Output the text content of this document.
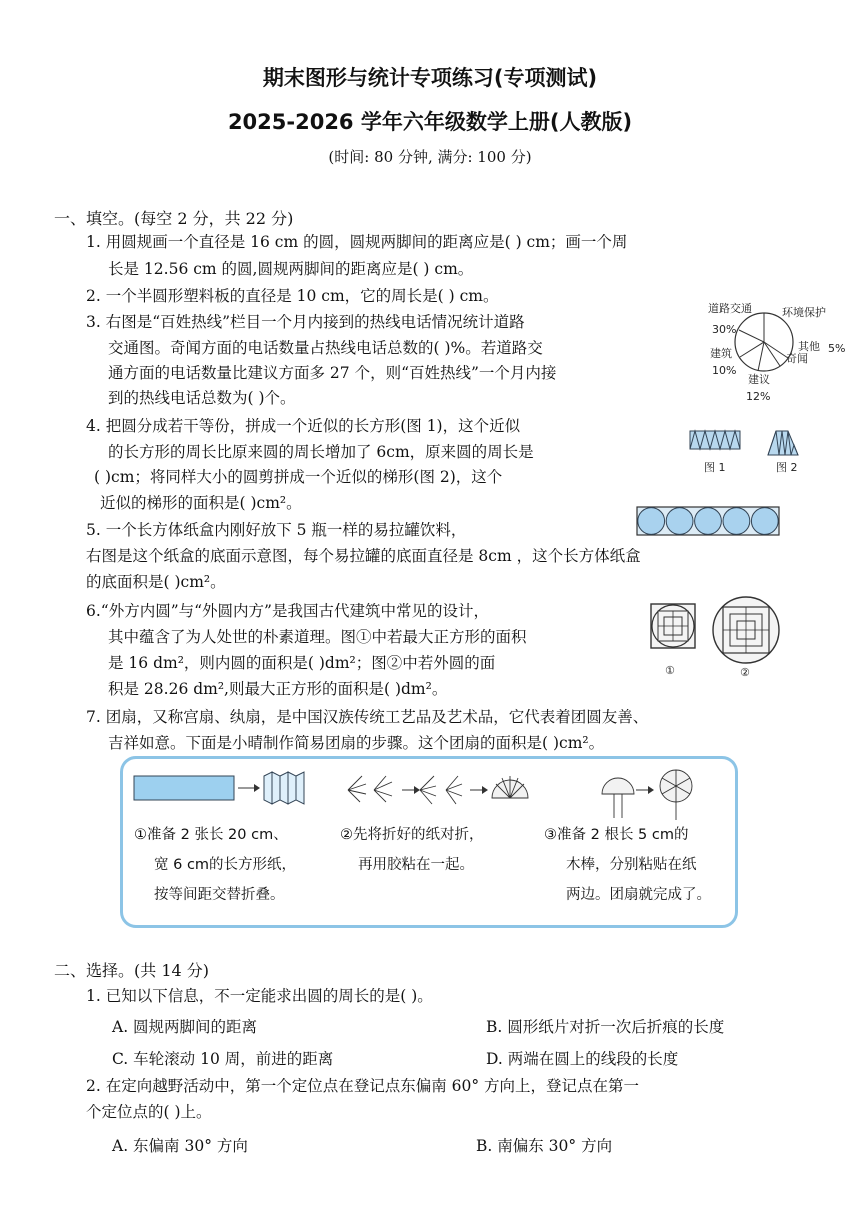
期末图形与统计专项练习(专项测试)
2025-2026 学年六年级数学上册(人教版)
(时间: 80 分钟, 满分: 100 分)
一、填空。(每空 2 分，共 22 分)
1. 用圆规画一个直径是 16 cm 的圆，圆规两脚间的距离应是( ) cm；画一个周
长是 12.56 cm 的圆,圆规两脚间的距离应是( ) cm。
2. 一个半圆形塑料板的直径是 10 cm，它的周长是( ) cm。
3. 右图是“百姓热线”栏目一个月内接到的热线电话情况统计道路
交通图。奇闻方面的电话数量占热线电话总数的( )%。若道路交
通方面的电话数量比建议方面多 27 个，则“百姓热线”一个月内接
到的热线电话总数为( )个。
道路交通
30%
环境保护
建筑
10%
其他 5%
奇闻
建议
12%
4. 把圆分成若干等份，拼成一个近似的长方形(图 1)，这个近似
的长方形的周长比原来圆的周长增加了 6cm，原来圆的周长是
( )cm；将同样大小的圆剪拼成一个近似的梯形(图 2)，这个
近似的梯形的面积是( )cm²。
图 1	图 2
5. 一个长方体纸盒内刚好放下 5 瓶一样的易拉罐饮料，
右图是这个纸盒的底面示意图，每个易拉罐的底面直径是 8cm ，这个长方体纸盒
的底面积是( )cm²。
6.“外方内圆”与“外圆内方”是我国古代建筑中常见的设计，
其中蕴含了为人处世的朴素道理。图①中若最大正方形的面积
是 16 dm²，则内圆的面积是( )dm²；图②中若外圆的面
积是 28.26 dm²,则最大正方形的面积是( )dm²。
①	②
7. 团扇，又称宫扇、纨扇，是中国汉族传统工艺品及艺术品，它代表着团圆友善、
吉祥如意。下面是小晴制作简易团扇的步骤。这个团扇的面积是( )cm²。
①准备 2 张长 20 cm、
宽 6 cm的长方形纸，
按等间距交替折叠。
②先将折好的纸对折，
再用胶粘在一起。
③准备 2 根长 5 cm的
木棒，分别粘贴在纸
两边。团扇就完成了。
二、选择。(共 14 分)
1. 已知以下信息，不一定能求出圆的周长的是( )。
A. 圆规两脚间的距离	B. 圆形纸片对折一次后折痕的长度
C. 车轮滚动 10 周，前进的距离	D. 两端在圆上的线段的长度
2. 在定向越野活动中，第一个定位点在登记点东偏南 60° 方向上，登记点在第一
个定位点的( )上。
A. 东偏南 30° 方向	B. 南偏东 30° 方向
